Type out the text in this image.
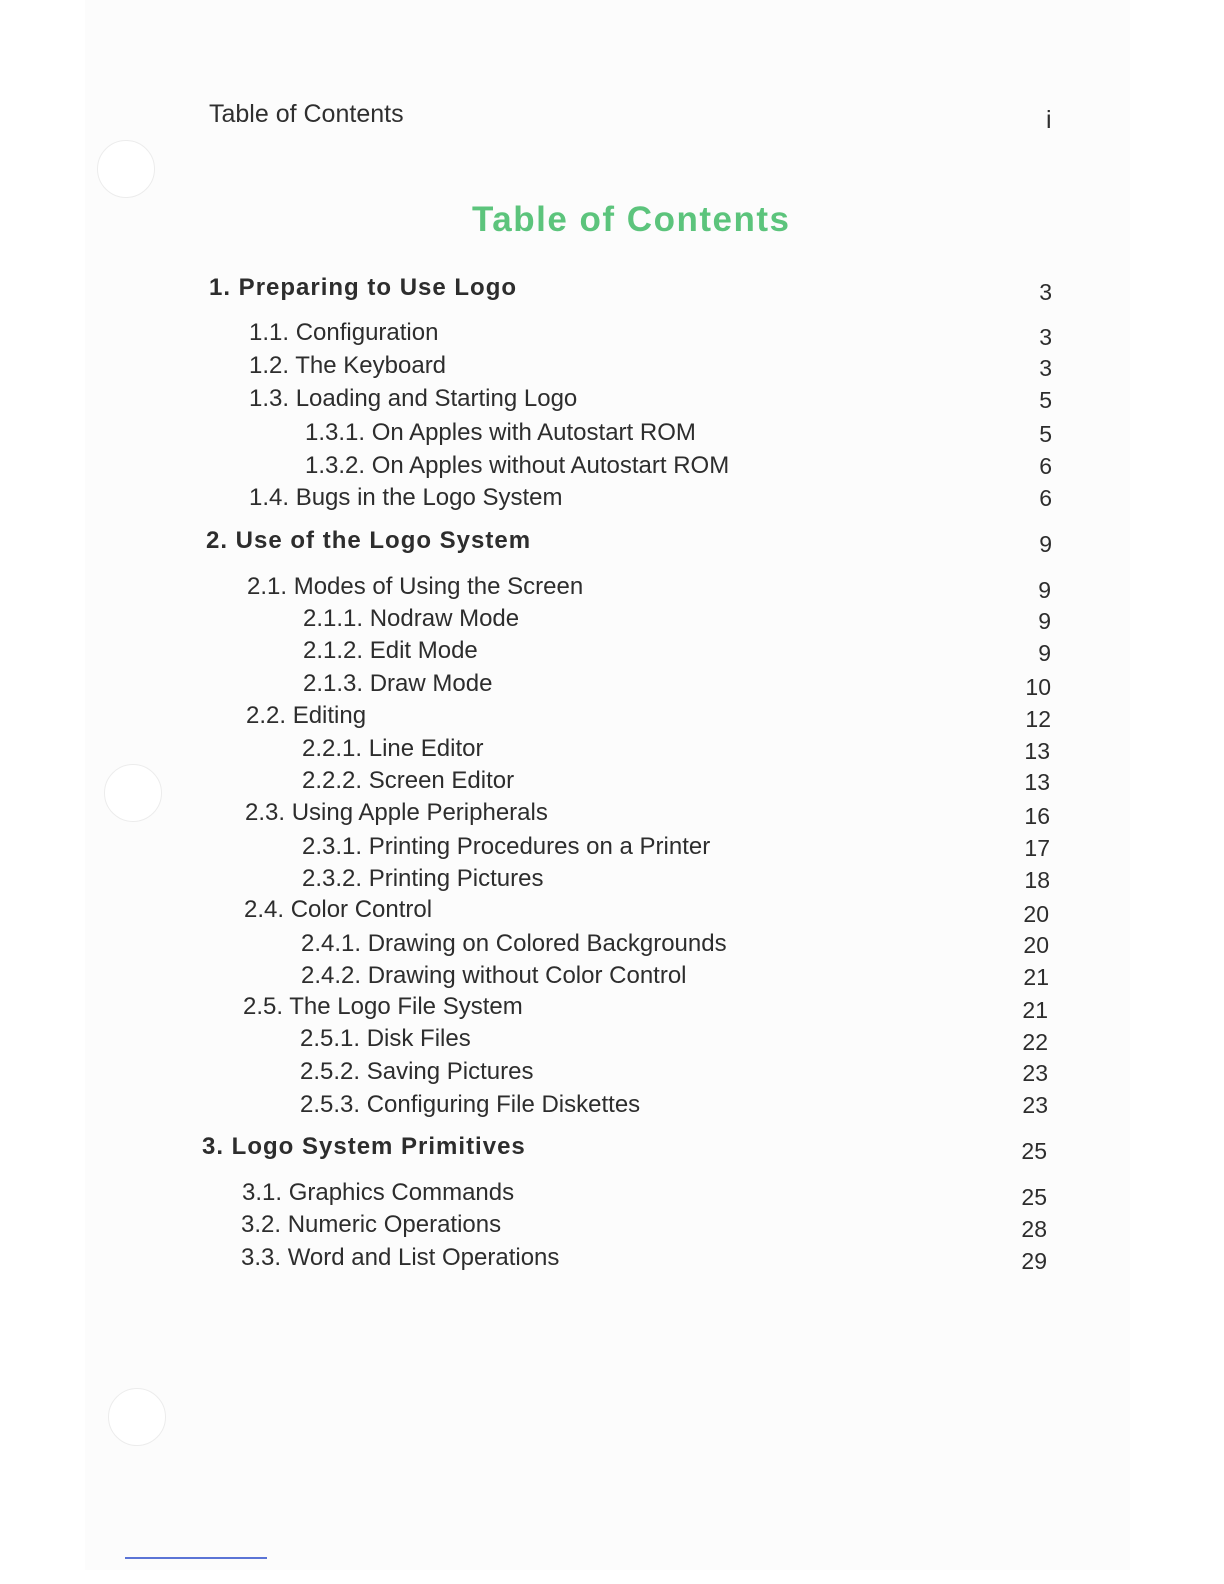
Table of Contents	i
Table of Contents
1. Preparing to Use Logo	3
1.1. Configuration	3
1.2. The Keyboard	3
1.3. Loading and Starting Logo	5
1.3.1. On Apples with Autostart ROM	5
1.3.2. On Apples without Autostart ROM	6
1.4. Bugs in the Logo System	6
2. Use of the Logo System	9
2.1. Modes of Using the Screen	9
2.1.1. Nodraw Mode	9
2.1.2. Edit Mode	9
2.1.3. Draw Mode	10
2.2. Editing	12
2.2.1. Line Editor	13
2.2.2. Screen Editor	13
2.3. Using Apple Peripherals	16
2.3.1. Printing Procedures on a Printer	17
2.3.2. Printing Pictures	18
2.4. Color Control	20
2.4.1. Drawing on Colored Backgrounds	20
2.4.2. Drawing without Color Control	21
2.5. The Logo File System	21
2.5.1. Disk Files	22
2.5.2. Saving Pictures	23
2.5.3. Configuring File Diskettes	23
3. Logo System Primitives	25
3.1. Graphics Commands	25
3.2. Numeric Operations	28
3.3. Word and List Operations	29
